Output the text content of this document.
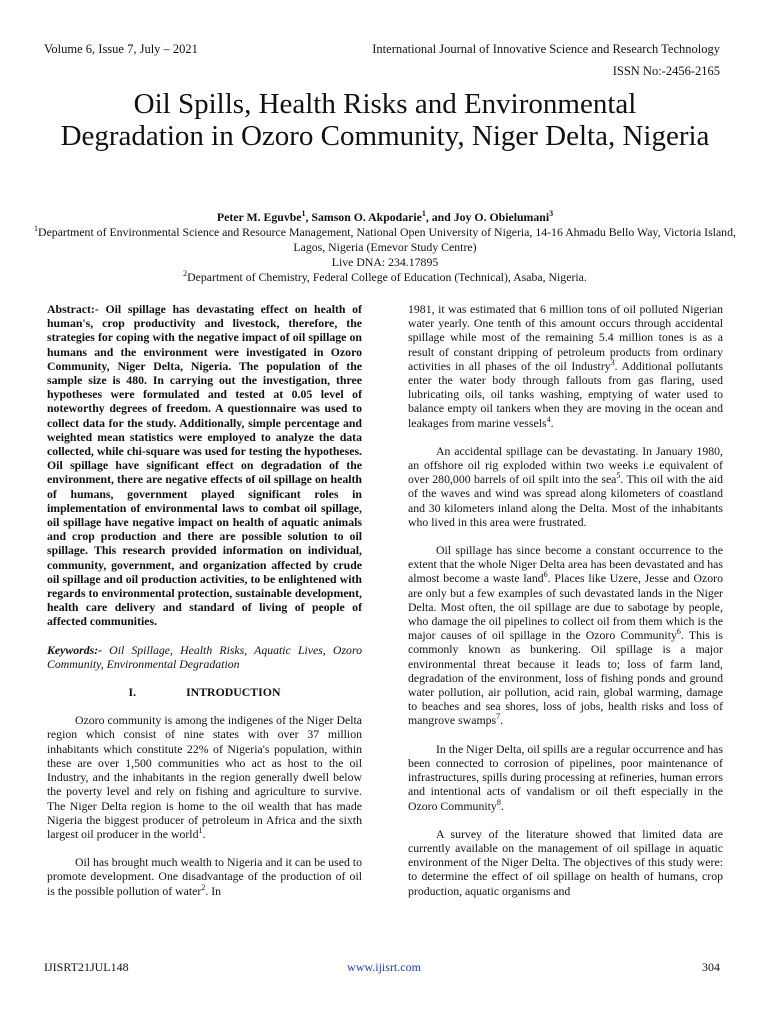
Volume 6, Issue 7, July – 2021	International Journal of Innovative Science and Research Technology
ISSN No:-2456-2165
Oil Spills, Health Risks and Environmental Degradation in Ozoro Community, Niger Delta, Nigeria
Peter M. Eguvbe$^1$, Samson O. Akpodarie$^1$, and Joy O. Obielumani$^3$
$^1$Department of Environmental Science and Resource Management, National Open University of Nigeria, 14-16 Ahmadu Bello Way, Victoria Island, Lagos, Nigeria (Emevor Study Centre)
Live DNA: 234.17895
$^2$Department of Chemistry, Federal College of Education (Technical), Asaba, Nigeria.

Abstract:- Oil spillage has devastating effect on health of human's, crop productivity and livestock, therefore, the strategies for coping with the negative impact of oil spillage on humans and the environment were investigated in Ozoro Community, Niger Delta, Nigeria. The population of the sample size is 480. In carrying out the investigation, three hypotheses were formulated and tested at 0.05 level of noteworthy degrees of freedom. A questionnaire was used to collect data for the study. Additionally, simple percentage and weighted mean statistics were employed to analyze the data collected, while chi-square was used for testing the hypotheses. Oil spillage have significant effect on degradation of the environment, there are negative effects of oil spillage on health of humans, government played significant roles in implementation of environmental laws to combat oil spillage, oil spillage have negative impact on health of aquatic animals and crop production and there are possible solution to oil spillage. This research provided information on individual, community, government, and organization affected by crude oil spillage and oil production activities, to be enlightened with regards to environmental protection, sustainable development, health care delivery and standard of living of people of affected communities.

Keywords:- Oil Spillage, Health Risks, Aquatic Lives, Ozoro Community, Environmental Degradation

I.	INTRODUCTION

Ozoro community is among the indigenes of the Niger Delta region which consist of nine states with over 37 million inhabitants which constitute 22% of Nigeria's population, within these are over 1,500 communities who act as host to the oil Industry, and the inhabitants in the region generally dwell below the poverty level and rely on fishing and agriculture to survive. The Niger Delta region is home to the oil wealth that has made Nigeria the biggest producer of petroleum in Africa and the sixth largest oil producer in the world$^1$.

Oil has brought much wealth to Nigeria and it can be used to promote development. One disadvantage of the production of oil is the possible pollution of water$^2$. In

1981, it was estimated that 6 million tons of oil polluted Nigerian water yearly. One tenth of this amount occurs through accidental spillage while most of the remaining 5.4 million tones is as a result of constant dripping of petroleum products from ordinary activities in all phases of the oil Industry$^3$. Additional pollutants enter the water body through fallouts from gas flaring, used lubricating oils, oil tanks washing, emptying of water used to balance empty oil tankers when they are moving in the ocean and leakages from marine vessels$^4$.

An accidental spillage can be devastating. In January 1980, an offshore oil rig exploded within two weeks i.e equivalent of over 280,000 barrels of oil spilt into the sea$^5$. This oil with the aid of the waves and wind was spread along kilometers of coastland and 30 kilometers inland along the Delta. Most of the inhabitants who lived in this area were frustrated.

Oil spillage has since become a constant occurrence to the extent that the whole Niger Delta area has been devastated and has almost become a waste land$^6$. Places like Uzere, Jesse and Ozoro are only but a few examples of such devastated lands in the Niger Delta. Most often, the oil spillage are due to sabotage by people, who damage the oil pipelines to collect oil from them which is the major causes of oil spillage in the Ozoro Community$^6$. This is commonly known as bunkering. Oil spillage is a major environmental threat because it leads to; loss of farm land, degradation of the environment, loss of fishing ponds and ground water pollution, air pollution, acid rain, global warming, damage to beaches and sea shores, loss of jobs, health risks and loss of mangrove swamps$^7$.

In the Niger Delta, oil spills are a regular occurrence and has been connected to corrosion of pipelines, poor maintenance of infrastructures, spills during processing at refineries, human errors and intentional acts of vandalism or oil theft especially in the Ozoro Community$^8$.

A survey of the literature showed that limited data are currently available on the management of oil spillage in aquatic environment of the Niger Delta. The objectives of this study were: to determine the effect of oil spillage on health of humans, crop production, aquatic organisms and

IJISRT21JUL148	www.ijisrt.com	304
